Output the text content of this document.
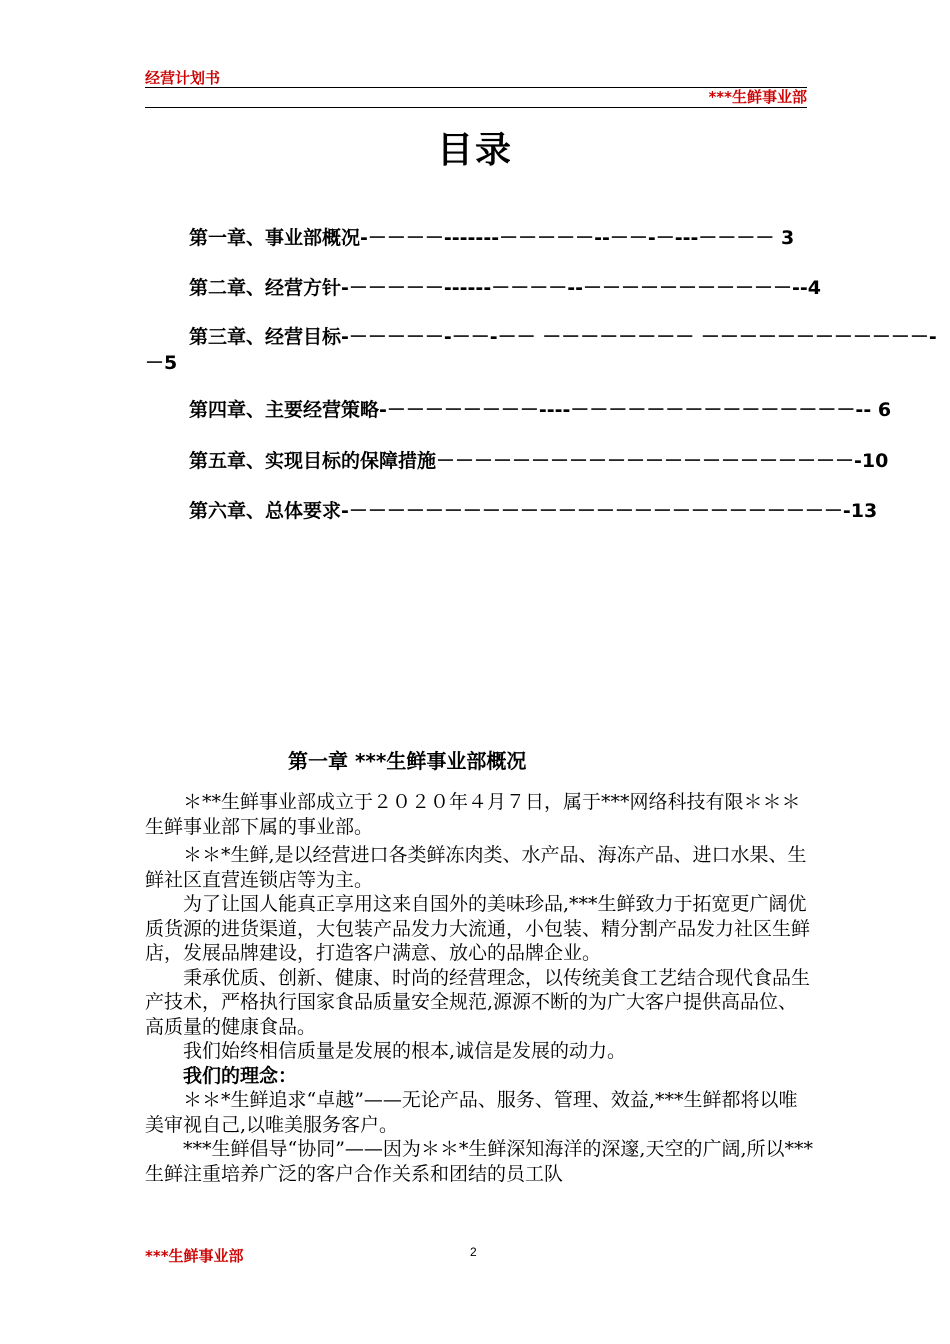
经营计划书
***生鲜事业部
目录
第一章、事业部概况-－－－－-------－－－－－--－－-－---－－－－ 3
第二章、经营方针-－－－－－------－－－－--－－－－－－－－－－－--4
第三章、经营目标-－－－－－-－－-－－ －－－－－－－－ －－－－－－－－－－－－-
－5
第四章、主要经营策略-－－－－－－－－----－－－－－－－－－－－－－－－-- 6
第五章、实现目标的保障措施－－－－－－－－－－－－－－－－－－－－－－-10
第六章、总体要求-－－－－－－－－－－－－－－－－－－－－－－－－－－-13
第一章 ***生鲜事业部概况

＊**生鲜事业部成立于２０２０年４月７日，属于***网络科技有限＊＊＊生鲜事业部下属的事业部。

＊＊*生鲜,是以经营进口各类鲜冻肉类、水产品、海冻产品、进口水果、生鲜社区直营连锁店等为主。

为了让国人能真正享用这来自国外的美味珍品,***生鲜致力于拓宽更广阔优质货源的进货渠道，大包装产品发力大流通，小包装、精分割产品发力社区生鲜店，发展品牌建设，打造客户满意、放心的品牌企业。

秉承优质、创新、健康、时尚的经营理念，以传统美食工艺结合现代食品生产技术，严格执行国家食品质量安全规范,源源不断的为广大客户提供高品位、高质量的健康食品。

我们始终相信质量是发展的根本,诚信是发展的动力。

我们的理念：

＊＊*生鲜追求“卓越”——无论产品、服务、管理、效益,***生鲜都将以唯美审视自己,以唯美服务客户。

***生鲜倡导“协同”——因为＊＊*生鲜深知海洋的深邃,天空的广阔,所以***生鲜注重培养广泛的客户合作关系和团结的员工队

***生鲜事业部	2
